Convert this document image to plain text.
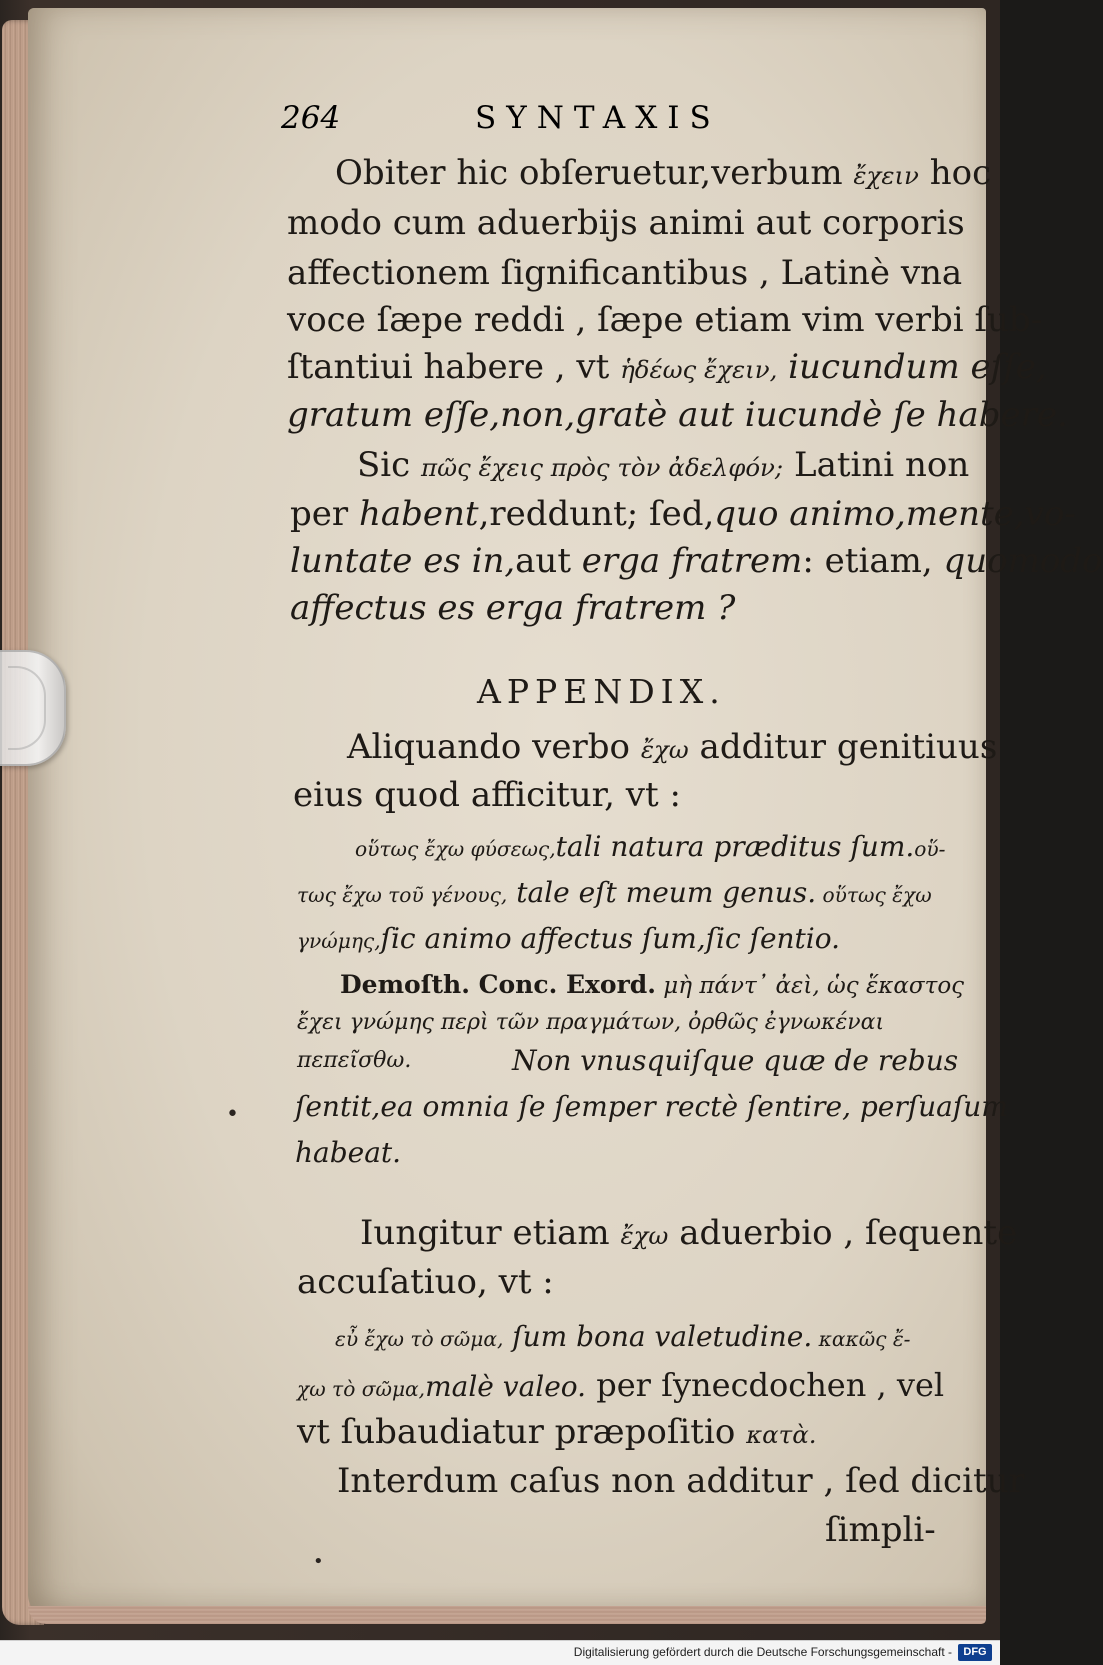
264	SYNTAXIS
Obiter hic obſeruetur,verbum ἔχειν hoc
modo cum aduerbijs animi aut corporis
affectionem ſignificantibus , Latinè vna
voce ſæpe reddi , ſæpe etiam vim verbi ſub-
ſtantiui habere , vt ἡδέως ἔχειν, iucundum eſſe,
gratum eſſe,non,gratè aut iucundè ſe habere.
Sic πῶς ἔχεις πρὸς τὸν ἀδελφόν; Latini non
per habent,reddunt; ſed,quo animo,mente,vo-
luntate es in,aut erga fratrem: etiam, quomodo
affectus es erga fratrem ?
APPENDIX.
Aliquando verbo ἔχω additur genitiuus
eius quod afficitur, vt :
οὕτως ἔχω φύσεως,tali natura præditus ſum.οὕ-
τως ἔχω τοῦ γένους, tale eſt meum genus. οὕτως ἔχω
γνώμης,ſic animo affectus ſum,ſic ſentio.
Demoſth. Conc. Exord. μὴ πάντ᾽ ἀεὶ, ὡς ἕκαστος
ἔχει γνώμης περὶ τῶν πραγμάτων, ὀρθῶς ἐγνωκέναι
πεπεῖσθω.	Non vnusquiſque quæ de rebus
ſentit,ea omnia ſe ſemper rectè ſentire, perſuaſum
habeat.
Iungitur etiam ἔχω aduerbio , ſequente
accuſatiuo, vt :
εὖ ἔχω τὸ σῶμα, ſum bona valetudine. κακῶς ἔ-
χω τὸ σῶμα,malè valeo. per ſynecdochen , vel
vt ſubaudiatur præpoſitio κατὰ.
Interdum caſus non additur , ſed dicitur
ſimpli-
•
•
Digitalisierung gefördert durch die Deutsche Forschungsgemeinschaft -	DFG
